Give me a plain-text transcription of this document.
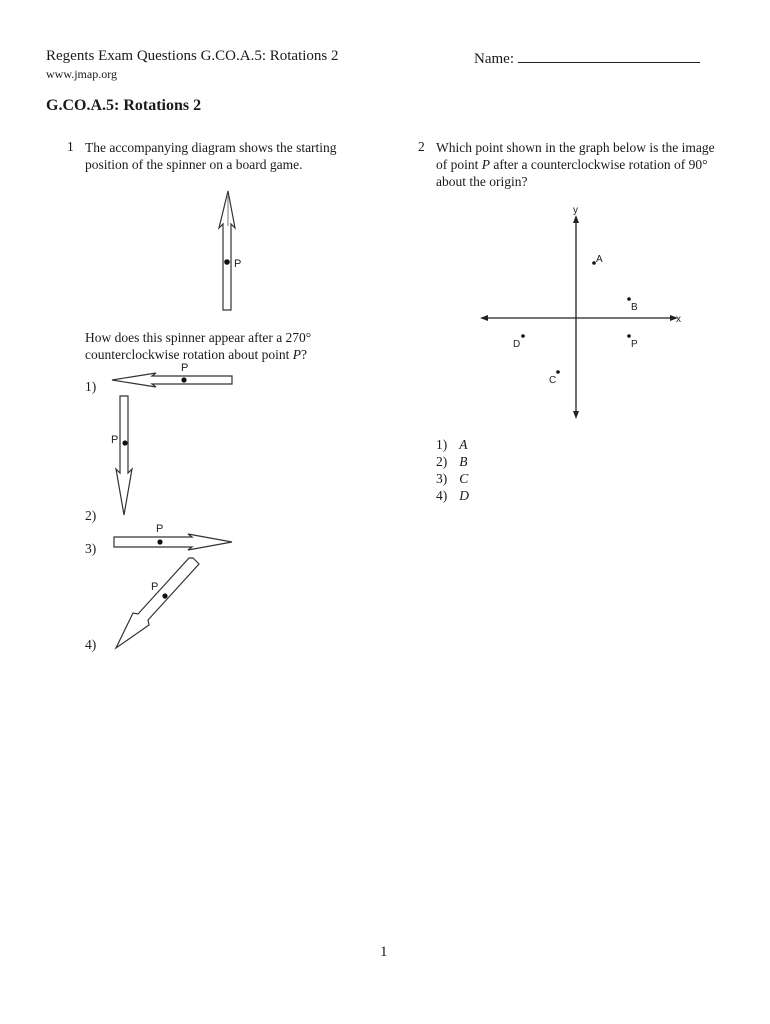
Regents Exam Questions G.CO.A.5: Rotations 2
www.jmap.org
Name:
G.CO.A.5: Rotations 2
1 The accompanying diagram shows the starting
position of the spinner on a board game.
P
How does this spinner appear after a 270°
counterclockwise rotation about point P?
1)
P
P
2)
3)
P
P
4)
2 Which point shown in the graph below is the image
of point P after a counterclockwise rotation of 90°
about the origin?
x
y
A
B
P
D
C
1) A
2) B
3) C
4) D
1
